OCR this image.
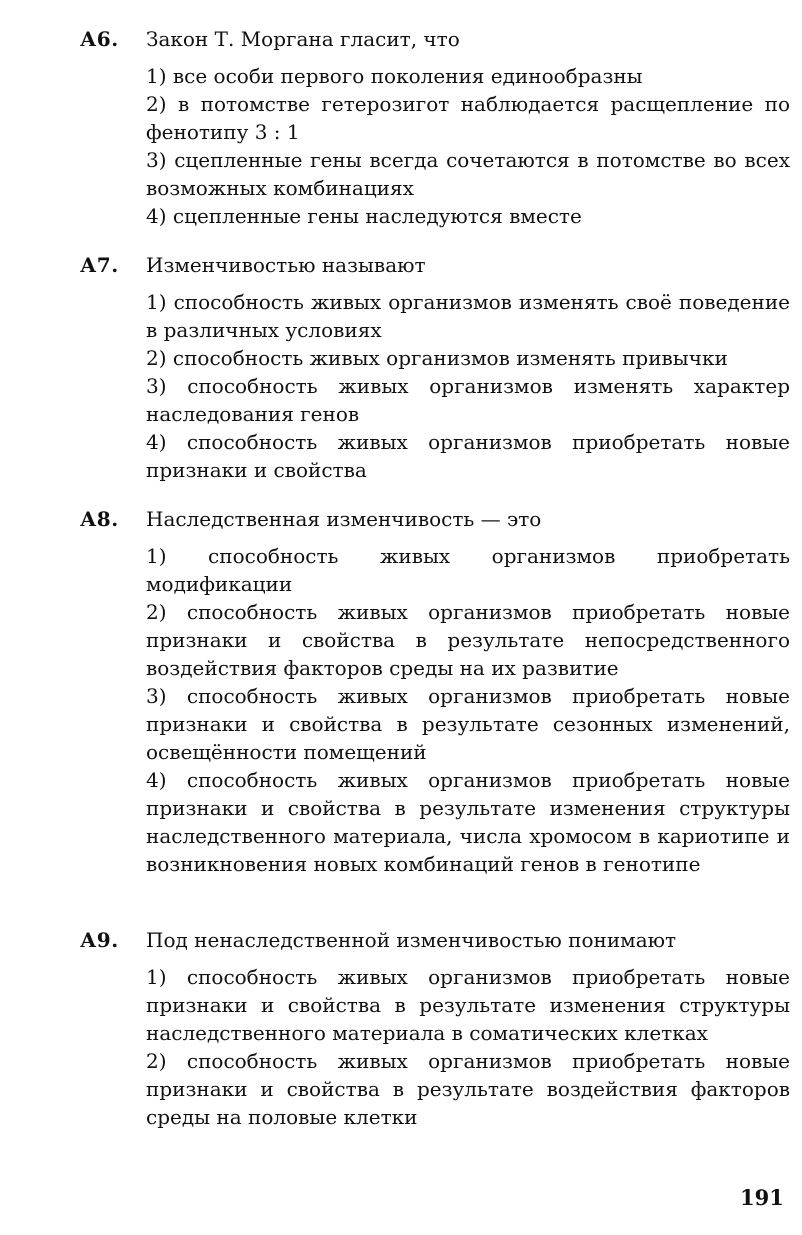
А6. Закон Т. Моргана гласит, что

1) все особи первого поколения единообразны

2) в потомстве гетерозигот наблюдается расщепление по фенотипу 3 : 1

3) сцепленные гены всегда сочетаются в потомстве во всех возможных комбинациях

4) сцепленные гены наследуются вместе

А7. Изменчивостью называют

1) способность живых организмов изменять своё поведение в различных условиях

2) способность живых организмов изменять привычки

3) способность живых организмов изменять характер наследования генов

4) способность живых организмов приобретать новые признаки и свойства

А8. Наследственная изменчивость — это

1) способность живых организмов приобретать модификации

2) способность живых организмов приобретать новые признаки и свойства в результате непосредственного воздействия факторов среды на их развитие

3) способность живых организмов приобретать новые признаки и свойства в результате сезонных изменений, освещённости помещений

4) способность живых организмов приобретать новые признаки и свойства в результате изменения структуры наследственного материала, числа хромосом в кариотипе и возникновения новых комбинаций генов в генотипе

А9. Под ненаследственной изменчивостью понимают

1) способность живых организмов приобретать новые признаки и свойства в результате изменения структуры наследственного материала в соматических клетках

2) способность живых организмов приобретать новые признаки и свойства в результате воздействия факторов среды на половые клетки

191
